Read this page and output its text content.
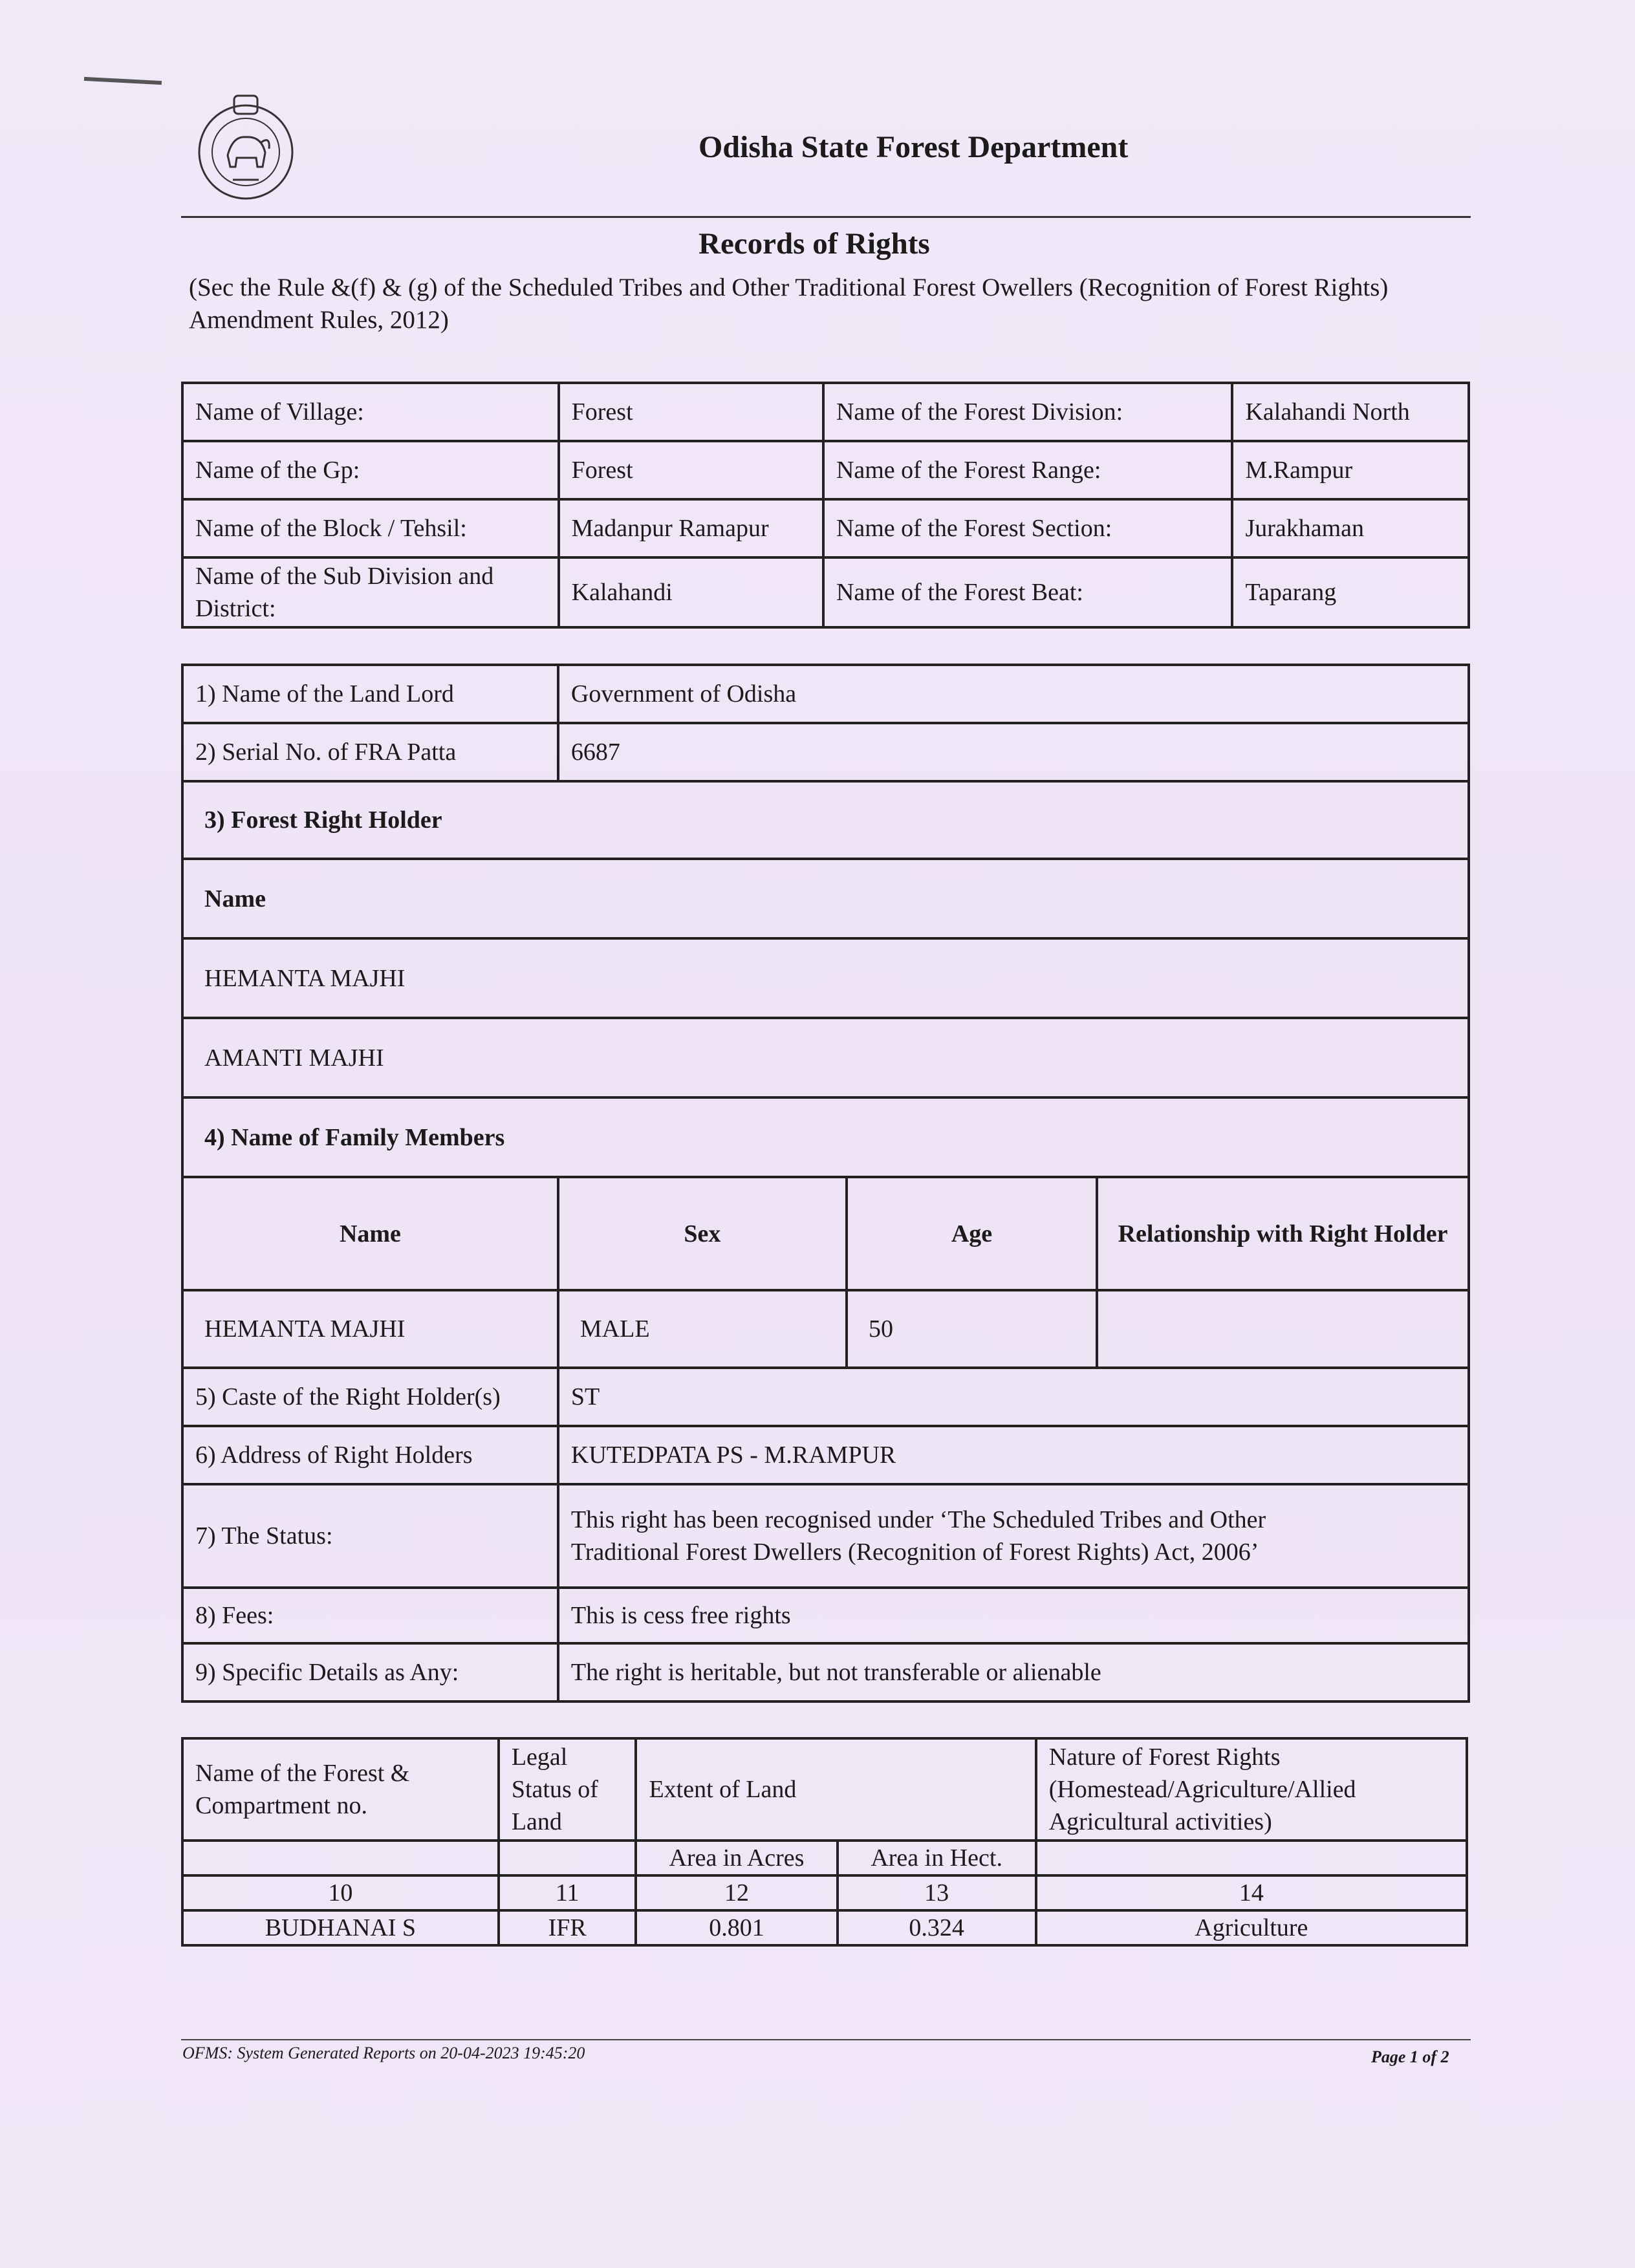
Odisha State Forest Department
Records of Rights
(Sec the Rule &(f) & (g) of the Scheduled Tribes and Other Traditional Forest Owellers (Recognition of Forest Rights) Amendment Rules, 2012)
Name of Village:	Forest	Name of the Forest Division:	Kalahandi North
Name of the Gp:	Forest	Name of the Forest Range:	M.Rampur
Name of the Block / Tehsil:	Madanpur Ramapur	Name of the Forest Section:	Jurakhaman
Name of the Sub Division and District:	Kalahandi	Name of the Forest Beat:	Taparang
1) Name of the Land Lord	Government of Odisha		
2) Serial No. of FRA Patta	6687		
3) Forest Right Holder			
Name			
HEMANTA MAJHI			
AMANTI MAJHI			
4) Name of Family Members			
Name	Sex	Age	Relationship with Right Holder
HEMANTA MAJHI	MALE	50	
5) Caste of the Right Holder(s)	ST		
6) Address of Right Holders	KUTEDPATA PS - M.RAMPUR		
7) The Status:	This right has been recognised under ‘The Scheduled Tribes and Other Traditional Forest Dwellers (Recognition of Forest Rights) Act, 2006’		
8) Fees:	This is cess free rights		
9) Specific Details as Any:	The right is heritable, but not transferable or alienable		
Name of the Forest & Compartment no.	Legal Status of Land	Extent of Land		Nature of Forest Rights (Homestead/Agriculture/Allied Agricultural activities)
		Area in Acres	Area in Hect.	
10	11	12	13	14
BUDHANAI S	IFR	0.801	0.324	Agriculture
OFMS: System Generated Reports on 20-04-2023 19:45:20	Page 1 of 2
